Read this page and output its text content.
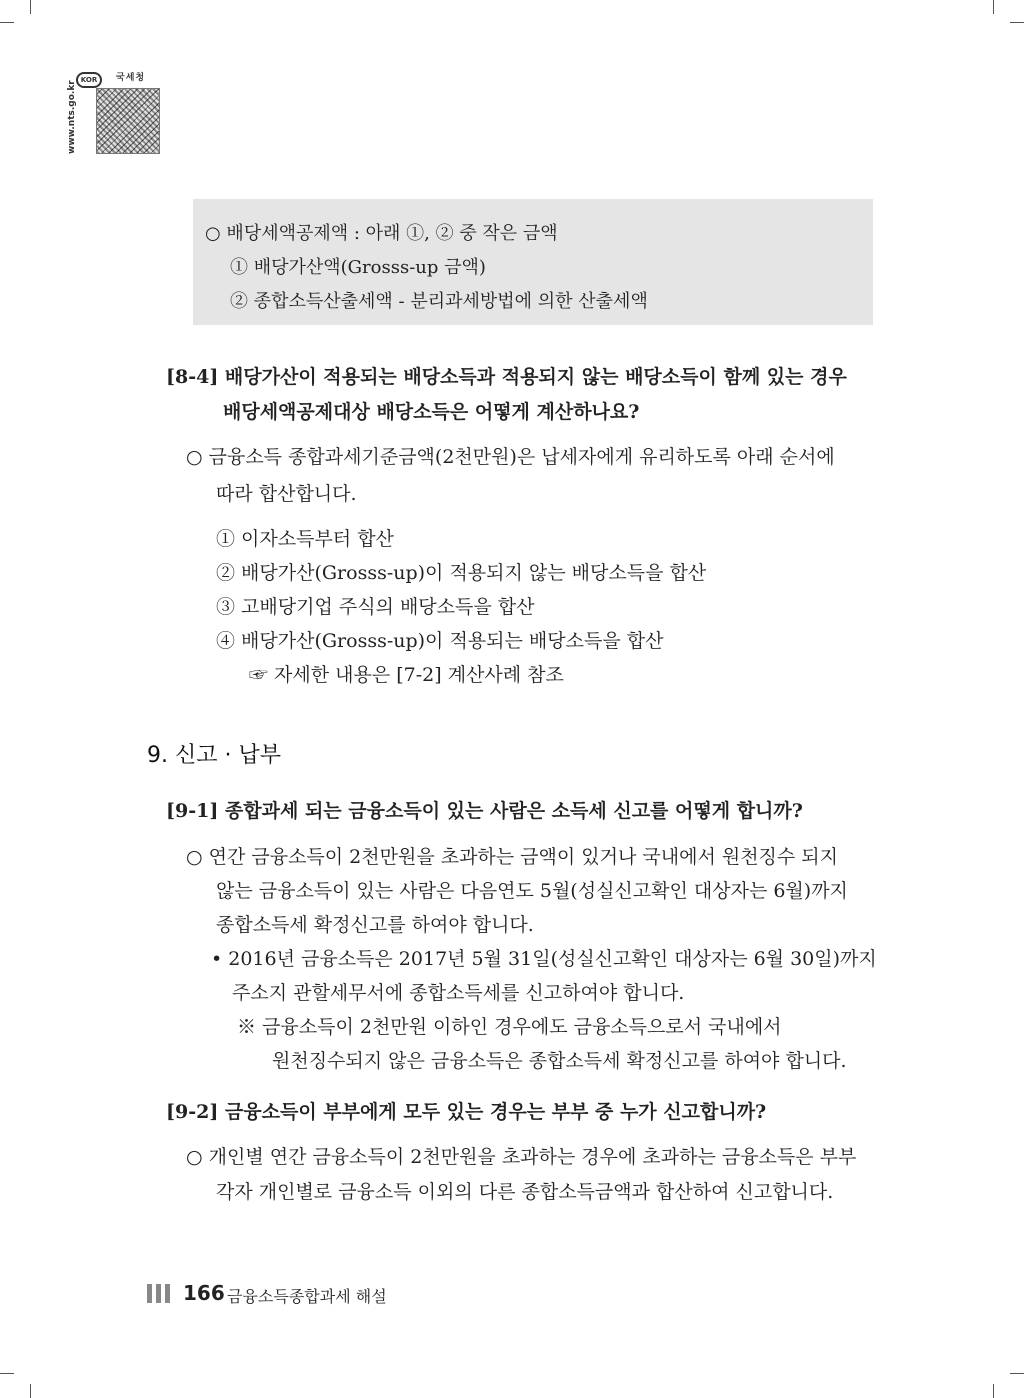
KOR	국세청
www.nts.go.kr
○ 배당세액공제액 : 아래 ①, ② 중 작은 금액
① 배당가산액(Grosss-up 금액)
② 종합소득산출세액 - 분리과세방법에 의한 산출세액
[8-4] 배당가산이 적용되는 배당소득과 적용되지 않는 배당소득이 함께 있는 경우
배당세액공제대상 배당소득은 어떻게 계산하나요?
○ 금융소득 종합과세기준금액(2천만원)은 납세자에게 유리하도록 아래 순서에
따라 합산합니다.
① 이자소득부터 합산
② 배당가산(Grosss-up)이 적용되지 않는 배당소득을 합산
③ 고배당기업 주식의 배당소득을 합산
④ 배당가산(Grosss-up)이 적용되는 배당소득을 합산
☞ 자세한 내용은 [7-2] 계산사례 참조
9. 신고 · 납부
[9-1] 종합과세 되는 금융소득이 있는 사람은 소득세 신고를 어떻게 합니까?
○ 연간 금융소득이 2천만원을 초과하는 금액이 있거나 국내에서 원천징수 되지
않는 금융소득이 있는 사람은 다음연도 5월(성실신고확인 대상자는 6월)까지
종합소득세 확정신고를 하여야 합니다.
• 2016년 금융소득은 2017년 5월 31일(성실신고확인 대상자는 6월 30일)까지
주소지 관할세무서에 종합소득세를 신고하여야 합니다.
※ 금융소득이 2천만원 이하인 경우에도 금융소득으로서 국내에서
원천징수되지 않은 금융소득은 종합소득세 확정신고를 하여야 합니다.
[9-2] 금융소득이 부부에게 모두 있는 경우는 부부 중 누가 신고합니까?
○ 개인별 연간 금융소득이 2천만원을 초과하는 경우에 초과하는 금융소득은 부부
각자 개인별로 금융소득 이외의 다른 종합소득금액과 합산하여 신고합니다.
166 금융소득종합과세 해설
